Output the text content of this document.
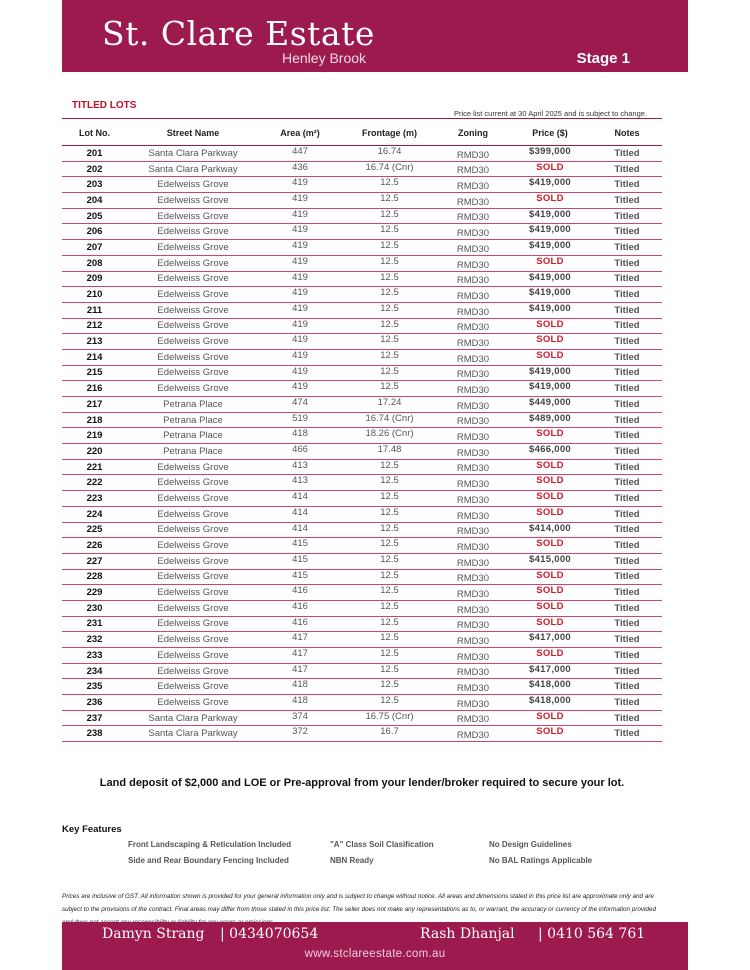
St. Clare Estate
Henley Brook	Stage 1
TITLED LOTS
Price list current at 30 April 2025 and is subject to change.
Lot No.	Street Name	Area (m²)	Frontage (m)	Zoning	Price ($)	Notes
201	Santa Clara Parkway	447	16.74	RMD30	$399,000	Titled
202	Santa Clara Parkway	436	16.74 (Cnr)	RMD30	SOLD	Titled
203	Edelweiss Grove	419	12.5	RMD30	$419,000	Titled
204	Edelweiss Grove	419	12.5	RMD30	SOLD	Titled
205	Edelweiss Grove	419	12.5	RMD30	$419,000	Titled
206	Edelweiss Grove	419	12.5	RMD30	$419,000	Titled
207	Edelweiss Grove	419	12.5	RMD30	$419,000	Titled
208	Edelweiss Grove	419	12.5	RMD30	SOLD	Titled
209	Edelweiss Grove	419	12.5	RMD30	$419,000	Titled
210	Edelweiss Grove	419	12.5	RMD30	$419,000	Titled
211	Edelweiss Grove	419	12.5	RMD30	$419,000	Titled
212	Edelweiss Grove	419	12.5	RMD30	SOLD	Titled
213	Edelweiss Grove	419	12.5	RMD30	SOLD	Titled
214	Edelweiss Grove	419	12.5	RMD30	SOLD	Titled
215	Edelweiss Grove	419	12.5	RMD30	$419,000	Titled
216	Edelweiss Grove	419	12.5	RMD30	$419,000	Titled
217	Petrana Place	474	17.24	RMD30	$449,000	Titled
218	Petrana Place	519	16.74 (Cnr)	RMD30	$489,000	Titled
219	Petrana Place	418	18.26 (Cnr)	RMD30	SOLD	Titled
220	Petrana Place	466	17.48	RMD30	$466,000	Titled
221	Edelweiss Grove	413	12.5	RMD30	SOLD	Titled
222	Edelweiss Grove	413	12.5	RMD30	SOLD	Titled
223	Edelweiss Grove	414	12.5	RMD30	SOLD	Titled
224	Edelweiss Grove	414	12.5	RMD30	SOLD	Titled
225	Edelweiss Grove	414	12.5	RMD30	$414,000	Titled
226	Edelweiss Grove	415	12.5	RMD30	SOLD	Titled
227	Edelweiss Grove	415	12.5	RMD30	$415,000	Titled
228	Edelweiss Grove	415	12.5	RMD30	SOLD	Titled
229	Edelweiss Grove	416	12.5	RMD30	SOLD	Titled
230	Edelweiss Grove	416	12.5	RMD30	SOLD	Titled
231	Edelweiss Grove	416	12.5	RMD30	SOLD	Titled
232	Edelweiss Grove	417	12.5	RMD30	$417,000	Titled
233	Edelweiss Grove	417	12.5	RMD30	SOLD	Titled
234	Edelweiss Grove	417	12.5	RMD30	$417,000	Titled
235	Edelweiss Grove	418	12.5	RMD30	$418,000	Titled
236	Edelweiss Grove	418	12.5	RMD30	$418,000	Titled
237	Santa Clara Parkway	374	16.75 (Cnr)	RMD30	SOLD	Titled
238	Santa Clara Parkway	372	16.7	RMD30	SOLD	Titled
Land deposit of $2,000 and LOE or Pre-approval from your lender/broker required to secure your lot.
Key Features
Front Landscaping & Reticulation Included
Side and Rear Boundary Fencing Included
"A" Class Soil Clasification
NBN Ready
No Design Guidelines
No BAL Ratings Applicable
Prices are inclusive of GST. All information shown is provided for your general information only and is subject to change without notice. All areas and dimensions stated in this price list are approximate only and are subject to the provisions of the contract. Final areas may differ from those stated in this price list. The seller does not make any representations as to, or warrant, the accuracy or currency of the information provided
Damyn Strang | 0434070654	Rash Dhanjal | 0410 564 761
www.stclareestate.com.au
